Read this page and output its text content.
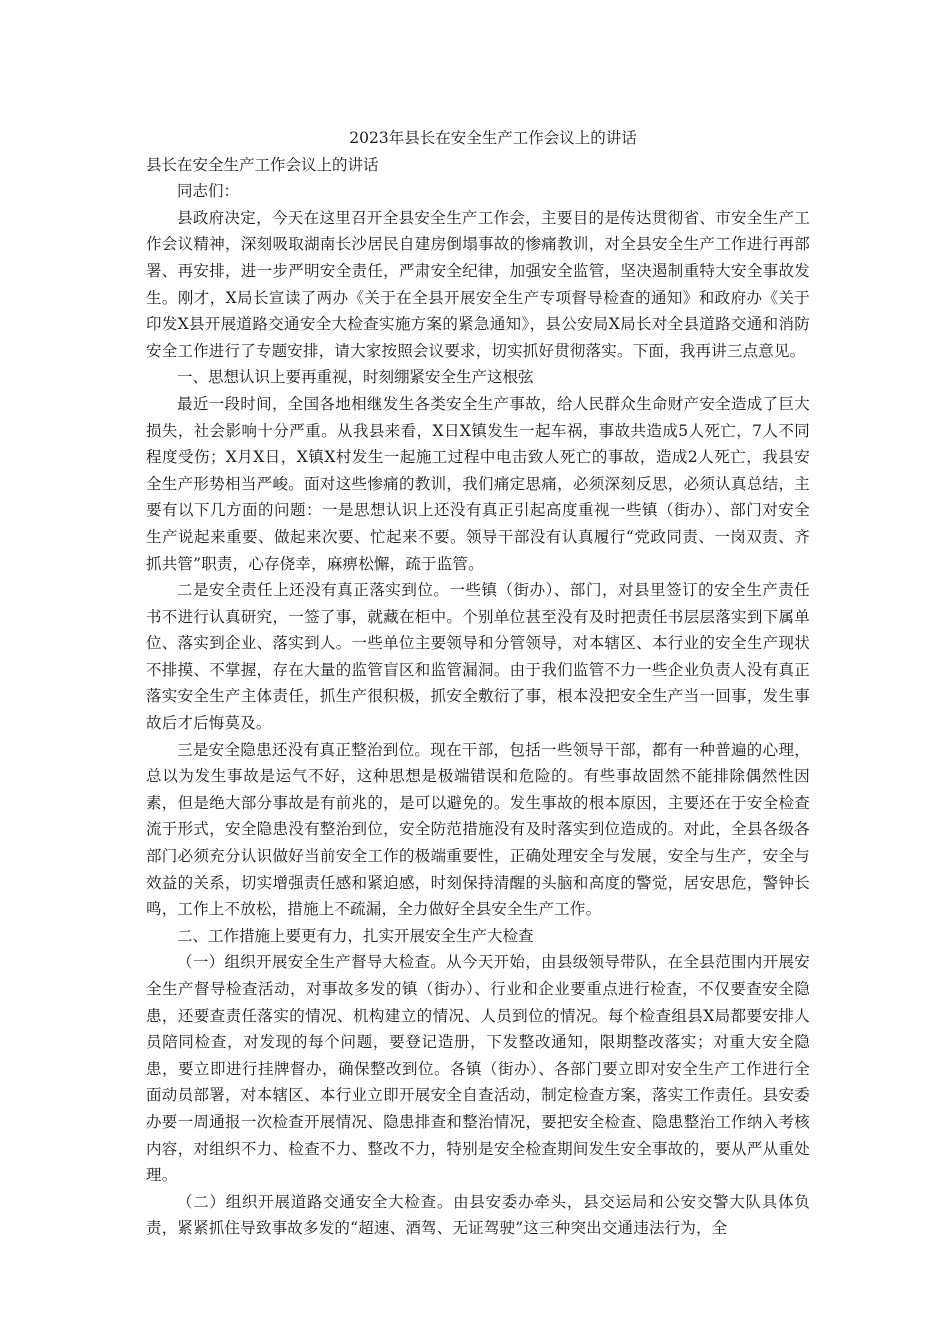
2023年县长在安全生产工作会议上的讲话

县长在安全生产工作会议上的讲话

同志们：

县政府决定，今天在这里召开全县安全生产工作会，主要目的是传达贯彻省、市安全生产工作会议精神，深刻吸取湖南长沙居民自建房倒塌事故的惨痛教训，对全县安全生产工作进行再部署、再安排，进一步严明安全责任，严肃安全纪律，加强安全监管，坚决遏制重特大安全事故发生。刚才，X局长宣读了两办《关于在全县开展安全生产专项督导检查的通知》和政府办《关于印发X县开展道路交通安全大检查实施方案的紧急通知》，县公安局X局长对全县道路交通和消防安全工作进行了专题安排，请大家按照会议要求，切实抓好贯彻落实。下面，我再讲三点意见。

一、思想认识上要再重视，时刻绷紧安全生产这根弦

最近一段时间，全国各地相继发生各类安全生产事故，给人民群众生命财产安全造成了巨大损失，社会影响十分严重。从我县来看，X日X镇发生一起车祸，事故共造成5人死亡，7人不同程度受伤；X月X日，X镇X村发生一起施工过程中电击致人死亡的事故，造成2人死亡，我县安全生产形势相当严峻。面对这些惨痛的教训，我们痛定思痛，必须深刻反思，必须认真总结，主要有以下几方面的问题：一是思想认识上还没有真正引起高度重视一些镇（街办）、部门对安全生产说起来重要、做起来次要、忙起来不要。领导干部没有认真履行“党政同责、一岗双责、齐抓共管”职责，心存侥幸，麻痹松懈，疏于监管。

二是安全责任上还没有真正落实到位。一些镇（街办）、部门，对县里签订的安全生产责任书不进行认真研究，一签了事，就藏在柜中。个别单位甚至没有及时把责任书层层落实到下属单位、落实到企业、落实到人。一些单位主要领导和分管领导，对本辖区、本行业的安全生产现状不排摸、不掌握，存在大量的监管盲区和监管漏洞。由于我们监管不力一些企业负责人没有真正落实安全生产主体责任，抓生产很积极，抓安全敷衍了事，根本没把安全生产当一回事，发生事故后才后悔莫及。

三是安全隐患还没有真正整治到位。现在干部，包括一些领导干部，都有一种普遍的心理，总以为发生事故是运气不好，这种思想是极端错误和危险的。有些事故固然不能排除偶然性因素，但是绝大部分事故是有前兆的，是可以避免的。发生事故的根本原因，主要还在于安全检查流于形式，安全隐患没有整治到位，安全防范措施没有及时落实到位造成的。对此，全县各级各部门必须充分认识做好当前安全工作的极端重要性，正确处理安全与发展，安全与生产，安全与效益的关系，切实增强责任感和紧迫感，时刻保持清醒的头脑和高度的警觉，居安思危，警钟长鸣，工作上不放松，措施上不疏漏，全力做好全县安全生产工作。

二、工作措施上要更有力，扎实开展安全生产大检查

（一）组织开展安全生产督导大检查。从今天开始，由县级领导带队，在全县范围内开展安全生产督导检查活动，对事故多发的镇（街办）、行业和企业要重点进行检查，不仅要查安全隐患，还要查责任落实的情况、机构建立的情况、人员到位的情况。每个检查组县X局都要安排人员陪同检查，对发现的每个问题，要登记造册，下发整改通知，限期整改落实；对重大安全隐患，要立即进行挂牌督办，确保整改到位。各镇（街办）、各部门要立即对安全生产工作进行全面动员部署，对本辖区、本行业立即开展安全自查活动，制定检查方案，落实工作责任。县安委办要一周通报一次检查开展情况、隐患排查和整治情况，要把安全检查、隐患整治工作纳入考核内容，对组织不力、检查不力、整改不力，特别是安全检查期间发生安全事故的，要从严从重处理。

（二）组织开展道路交通安全大检查。由县安委办牵头，县交运局和公安交警大队具体负责，紧紧抓住导致事故多发的“超速、酒驾、无证驾驶”这三种突出交通违法行为，全
